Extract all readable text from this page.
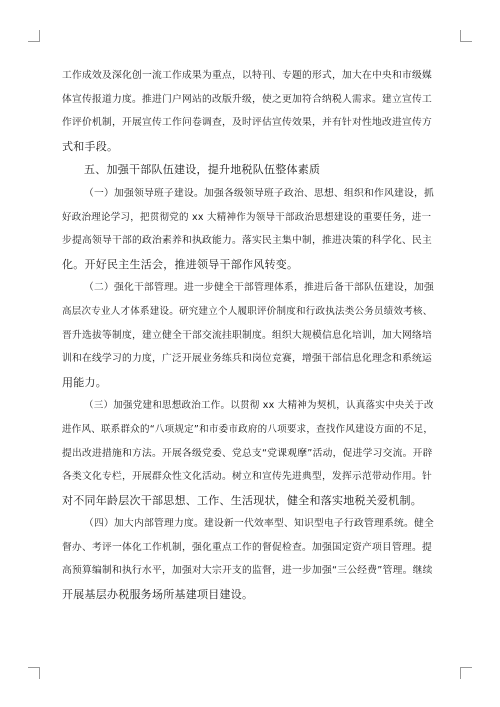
工作成效及深化创一流工作成果为重点，以特刊、专题的形式，加大在中央和市级媒
体宣传报道力度。推进门户网站的改版升级，使之更加符合纳税人需求。建立宣传工
作评价机制，开展宣传工作问卷调查，及时评估宣传效果，并有针对性地改进宣传方
式和手段。
五、加强干部队伍建设，提升地税队伍整体素质
（一）加强领导班子建设。加强各级领导班子政治、思想、组织和作风建设，抓
好政治理论学习，把贯彻党的 xx 大精神作为领导干部政治思想建设的重要任务，进一
步提高领导干部的政治素养和执政能力。落实民主集中制，推进决策的科学化、民主
化。开好民主生活会，推进领导干部作风转变。
（二）强化干部管理。进一步健全干部管理体系，推进后备干部队伍建设，加强
高层次专业人才体系建设。研究建立个人履职评价制度和行政执法类公务员绩效考核、
晋升选拔等制度，建立健全干部交流挂职制度。组织大规模信息化培训，加大网络培
训和在线学习的力度，广泛开展业务练兵和岗位竞赛，增强干部信息化理念和系统运
用能力。
（三）加强党建和思想政治工作。以贯彻 xx 大精神为契机，认真落实中央关于改
进作风、联系群众的“八项规定”和市委市政府的八项要求，查找作风建设方面的不足，
提出改进措施和方法。开展各级党委、党总支“党课观摩”活动，促进学习交流。开辟
各类文化专栏，开展群众性文化活动。树立和宣传先进典型，发挥示范带动作用。针
对不同年龄层次干部思想、工作、生活现状，健全和落实地税关爱机制。
（四）加大内部管理力度。建设新一代效率型、知识型电子行政管理系统。健全
督办、考评一体化工作机制，强化重点工作的督促检查。加强国定资产项目管理。提
高预算编制和执行水平，加强对大宗开支的监督，进一步加强“三公经费”管理。继续
开展基层办税服务场所基建项目建设。
